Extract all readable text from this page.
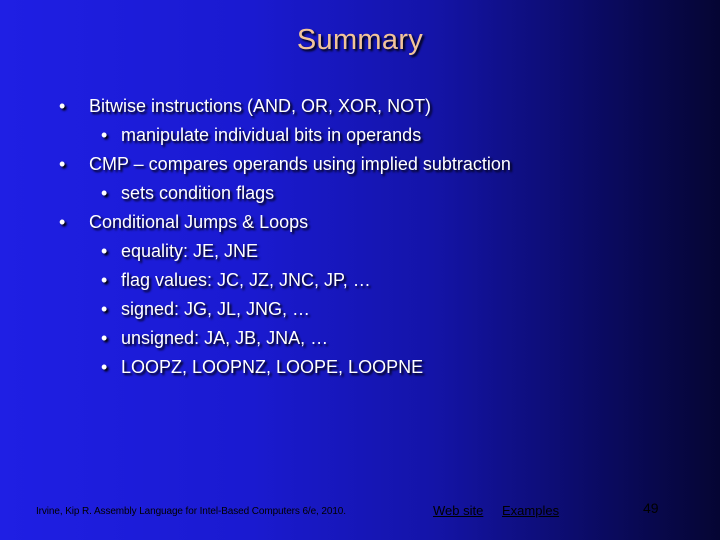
Summary
• Bitwise instructions (AND, OR, XOR, NOT)
• manipulate individual bits in operands
• CMP – compares operands using implied subtraction
• sets condition flags
• Conditional Jumps & Loops
• equality: JE, JNE
• flag values: JC, JZ, JNC, JP, …
• signed: JG, JL, JNG, …
• unsigned: JA, JB, JNA, …
• LOOPZ, LOOPNZ, LOOPE, LOOPNE
Irvine, Kip R. Assembly Language for Intel-Based Computers 6/e, 2010.	Web site Examples	49
